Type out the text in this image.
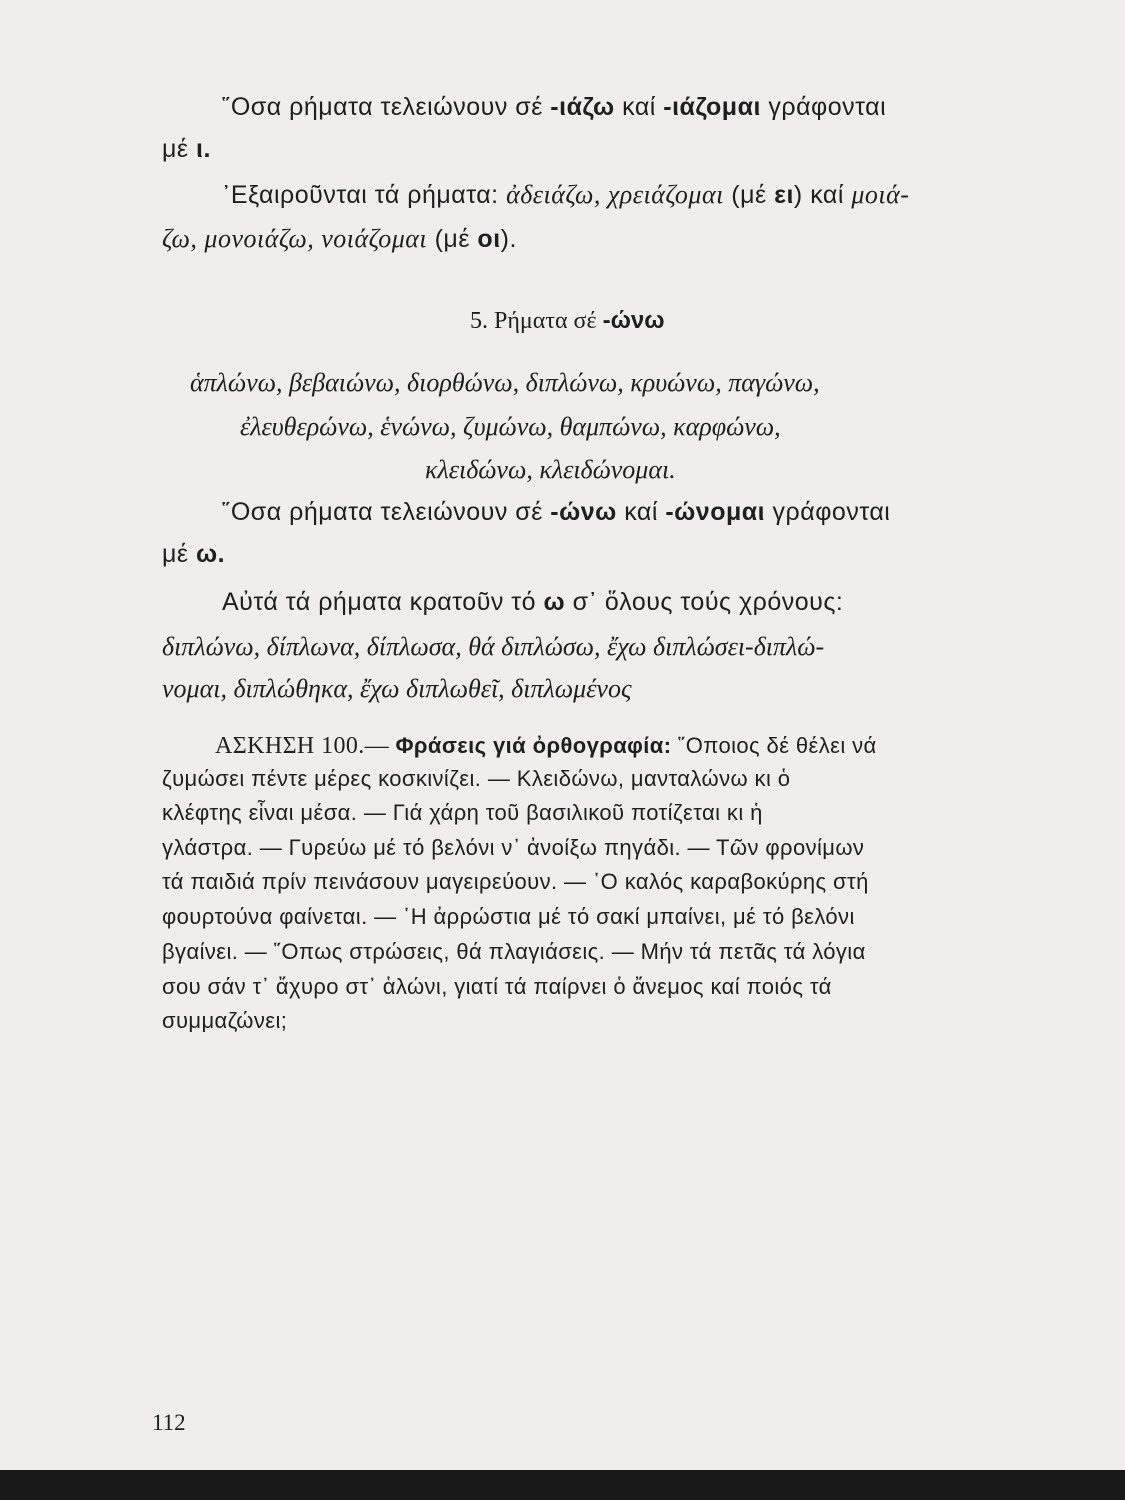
῞Οσα ρήματα τελειώνουν σέ -ιάζω καί -ιάζομαι γράφονται
μέ ι.
᾿Εξαιροῦνται τά ρήματα: ἀδειάζω, χρειάζομαι (μέ ει) καί μοιά-
ζω, μονοιάζω, νοιάζομαι (μέ οι).
5. Ρήματα σέ -ώνω
ἁπλώνω, βεβαιώνω, διορθώνω, διπλώνω, κρυώνω, παγώνω,
ἐλευθερώνω, ἑνώνω, ζυμώνω, θαμπώνω, καρφώνω,
κλειδώνω, κλειδώνομαι.
῞Οσα ρήματα τελειώνουν σέ -ώνω καί -ώνομαι γράφονται
μέ ω.
Αὐτά τά ρήματα κρατοῦν τό ω σ᾿ ὅλους τούς χρόνους:
διπλώνω, δίπλωνα, δίπλωσα, θά διπλώσω, ἔχω διπλώσει-διπλώ-
νομαι, διπλώθηκα, ἔχω διπλωθεῖ, διπλωμένος
ΑΣΚΗΣΗ 100.— Φράσεις γιά ὀρθογραφία: ῞Οποιος δέ θέλει νά
ζυμώσει πέντε μέρες κοσκινίζει. — Κλειδώνω, μανταλώνω κι ὁ
κλέφτης εἶναι μέσα. — Γιά χάρη τοῦ βασιλικοῦ ποτίζεται κι ἡ
γλάστρα. — Γυρεύω μέ τό βελόνι ν᾿ ἀνοίξω πηγάδι. — Τῶν φρονίμων
τά παιδιά πρίν πεινάσουν μαγειρεύουν. — ῾Ο καλός καραβοκύρης στή
φουρτούνα φαίνεται. — ῾Η ἀρρώστια μέ τό σακί μπαίνει, μέ τό βελόνι
βγαίνει. — ῞Οπως στρώσεις, θά πλαγιάσεις. — Μήν τά πετᾶς τά λόγια
σου σάν τ᾿ ἄχυρο στ᾿ ἁλώνι, γιατί τά παίρνει ὁ ἄνεμος καί ποιός τά
συμμαζώνει;
112
